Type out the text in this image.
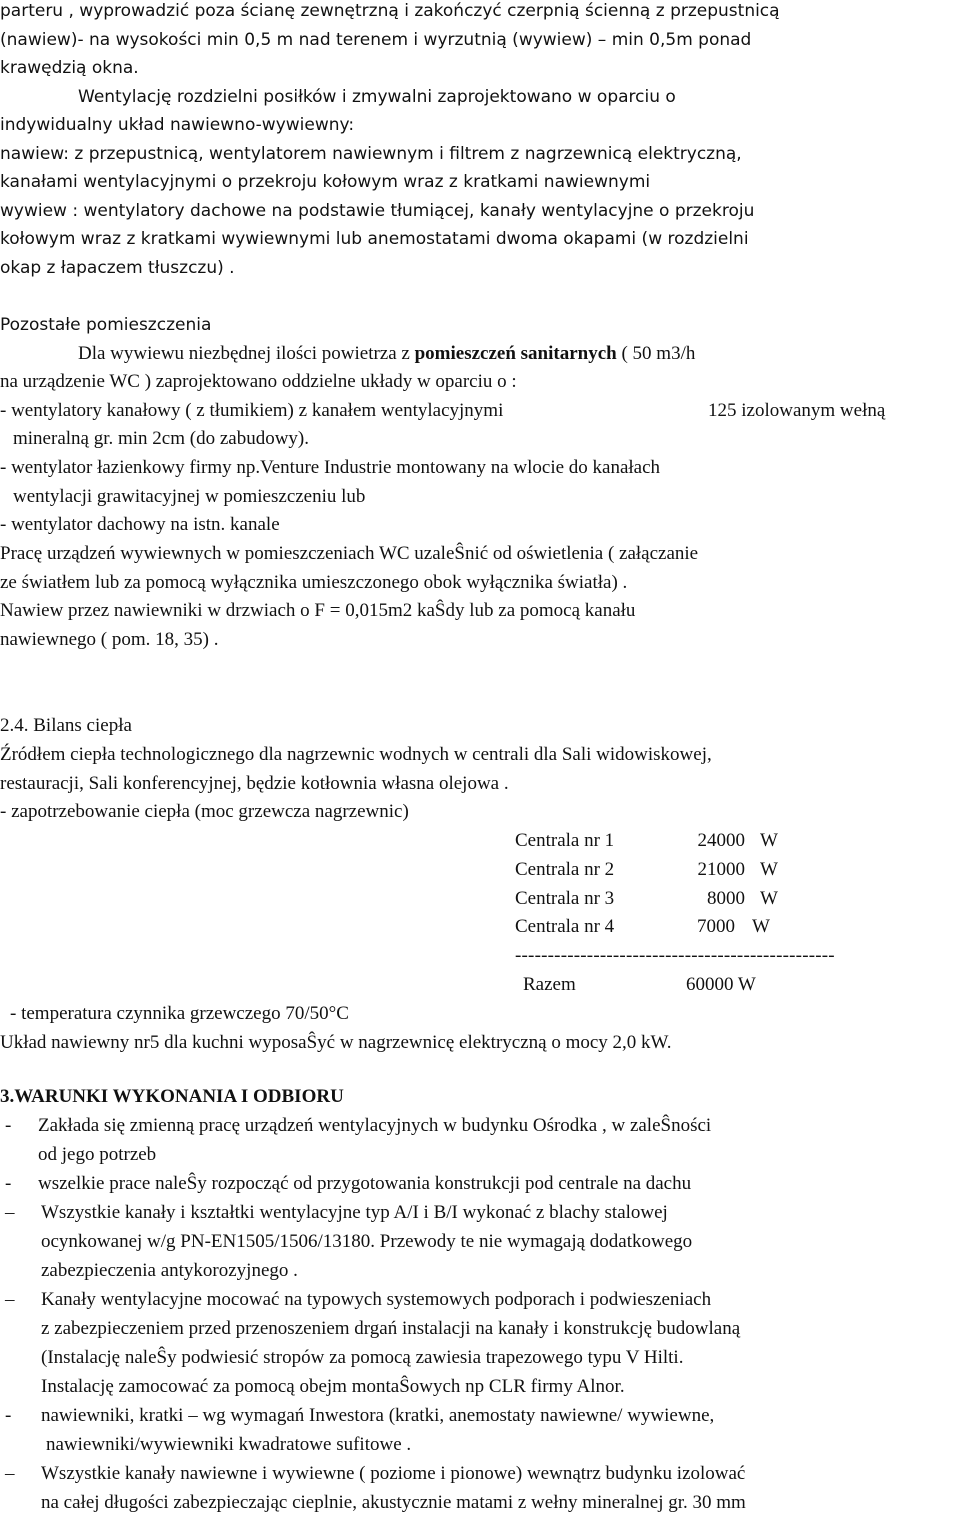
parteru , wyprowadzić poza ścianę zewnętrzną i zakończyć czerpnią ścienną z przepustnicą
(nawiew)- na wysokości min 0,5 m nad terenem i wyrzutnią (wywiew) – min 0,5m ponad
krawędzią okna.
Wentylację rozdzielni posiłków i zmywalni zaprojektowano w oparciu o
indywidualny układ nawiewno-wywiewny:
nawiew: z przepustnicą, wentylatorem nawiewnym i filtrem z nagrzewnicą elektryczną,
kanałami wentylacyjnymi o przekroju kołowym wraz z kratkami nawiewnymi
wywiew : wentylatory dachowe na podstawie tłumiącej, kanały wentylacyjne o przekroju
kołowym wraz z kratkami wywiewnymi lub anemostatami dwoma okapami (w rozdzielni
okap z łapaczem tłuszczu) .
Pozostałe pomieszczenia
Dla wywiewu niezbędnej ilości powietrza z pomieszczeń sanitarnych ( 50 m3/h
na urządzenie WC ) zaprojektowano oddzielne układy w oparciu o :
- wentylatory kanałowy ( z tłumikiem) z kanałem wentylacyjnymi	125 izolowanym wełną
mineralną gr. min 2cm (do zabudowy).
- wentylator łazienkowy firmy np.Venture Industrie montowany na wlocie do kanałach
wentylacji grawitacyjnej w pomieszczeniu lub
- wentylator dachowy na istn. kanale
Pracę urządzeń wywiewnych w pomieszczeniach WC uzaleŜnić od oświetlenia ( załączanie
ze światłem lub za pomocą wyłącznika umieszczonego obok wyłącznika światła) .
Nawiew przez nawiewniki w drzwiach o F = 0,015m2 kaŜdy lub za pomocą kanału
nawiewnego ( pom. 18, 35) .
2.4. Bilans ciepła
Źródłem ciepła technologicznego dla nagrzewnic wodnych w centrali dla Sali widowiskowej,
restauracji, Sali konferencyjnej, będzie kotłownia własna olejowa .
- zapotrzebowanie ciepła (moc grzewcza nagrzewnic)
Centrala nr 1	24000 W
Centrala nr 2	21000 W
Centrala nr 3	8000 W
Centrala nr 4	7000 W
-------------------------------------------------
Razem	60000 W
- temperatura czynnika grzewczego 70/50°C
Układ nawiewny nr5 dla kuchni wyposaŜyć w nagrzewnicę elektryczną o mocy 2,0 kW.
3.WARUNKI WYKONANIA I ODBIORU
- Zakłada się zmienną pracę urządzeń wentylacyjnych w budynku Ośrodka , w zaleŜności
od jego potrzeb
- wszelkie prace naleŜy rozpocząć od przygotowania konstrukcji pod centrale na dachu
– Wszystkie kanały i kształtki wentylacyjne typ A/I i B/I wykonać z blachy stalowej
ocynkowanej w/g PN-EN1505/1506/13180. Przewody te nie wymagają dodatkowego
zabezpieczenia antykorozyjnego .
– Kanały wentylacyjne mocować na typowych systemowych podporach i podwieszeniach
z zabezpieczeniem przed przenoszeniem drgań instalacji na kanały i konstrukcję budowlaną
(Instalację naleŜy podwiesić stropów za pomocą zawiesia trapezowego typu V Hilti.
Instalację zamocować za pomocą obejm montaŜowych np CLR firmy Alnor.
- nawiewniki, kratki – wg wymagań Inwestora (kratki, anemostaty nawiewne/ wywiewne,
nawiewniki/wywiewniki kwadratowe sufitowe .
– Wszystkie kanały nawiewne i wywiewne ( poziome i pionowe) wewnątrz budynku izolować
na całej długości zabezpieczając cieplnie, akustycznie matami z wełny mineralnej gr. 30 mm
